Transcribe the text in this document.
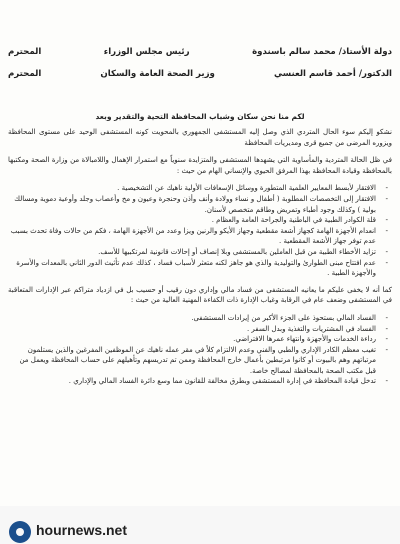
دولة الأستاذ/ محمد سالم باسندوة
رئيس مجلس الوزراء
المحترم
الدكتور/ أحمد قاسم العنسي
وزير الصحة العامة والسكان
المحترم
لكم منا نحن سكان وشباب المحافظة التحية والتقدير وبعد

نشكو إليكم سوء الحال المتردي الذي وصل إليه المستشفى الجمهوري بالمحويت كونه المستشفى الوحيد على مستوى المحافظة ويزوره المرضى من جميع قرى ومديريات المحافظة

في ظل الحالة المتردية والمأساوية التي يشهدها المستشفى والمتزايدة سنوياً مع استمرار الإهمال واللامبالاة من وزارة الصحة ومكتبها بالمحافظة وقيادة المحافظة بهذا المرفق الحيوي والإنساني الهام من حيث :

- الافتقار لأبسط المعايير العلمية المتطورة ووسائل الإسعافات الأولية ناهيك عن التشخيصية .
- الافتقار إلى التخصصات المطلوبة ( أطفال و نساء وولادة وأنف وأذن وحنجرة وعيون و مخ وأعصاب وجلد وأوعية دموية ومسالك بولية ) وكذلك وجود أطباء وتمريض وطاقم متخصص لأسنان.
- قلة الكوادر الطبية في الباطنية والجراحة العامة والعظام .
- انعدام الأجهزة الهامة كجهاز أشعة مقطعية وجهاز الأيكو والرنين ويزا وعدد من الأجهزة الهامة ، فكم من حالات وفاة تحدث بسبب عدم توفر جهاز الأشعة المقطعية .
- تزايد الأخطاء الطبية من قبل العاملين بالمستشفى وبلا إنصاف أو إحالات قانونية لمرتكبيها للأسف.
- عدم افتتاح مبنى الطوارئ والتوليدية والذي هو جاهز لكنه متعثر لأسباب فساد ، كذلك عدم تأثيث الدور الثاني بالمعدات والأسرة والأجهزة الطبية .

كما أنه لا يخفى عليكم ما يعانيه المستشفى من فساد مالي وإداري دون رقيب أو حسيب بل في ازدياد متراكم عبر الإدارات المتعاقبة في المستشفى وضعف عام في الرقابة وغياب الإدارة ذات الكفاءة المهنية العالية من حيث :

- الفساد المالي بستحوذ على الجزء الأكبر من إيرادات المستشفى.
- الفساد في المشتريات والتغذية وبدل السفر .
- رداءة الخدمات والأجهزة وانتهاء عمرها الافتراضي.
- تغيب معظم الكادر الإداري والطبي والفني وعدم الالتزام كلاً في مقر عمله ناهيك عن الموظفين المفرغين والذين يستلمون مرتباتهم وهم بالبيوت أو كانوا مرتبطين بأعمال خارج المحافظة وممن تم تدريسهم وتأهيلهم على حساب المحافظة ويعمل من قبل مكتب الصحة بالمحافظة لمصالح خاصة.
- تدخل قيادة المحافظة في إدارة المستشفى وبطرق مخالفة للقانون مما وسع دائرة الفساد المالي والإداري .
hournews.net
